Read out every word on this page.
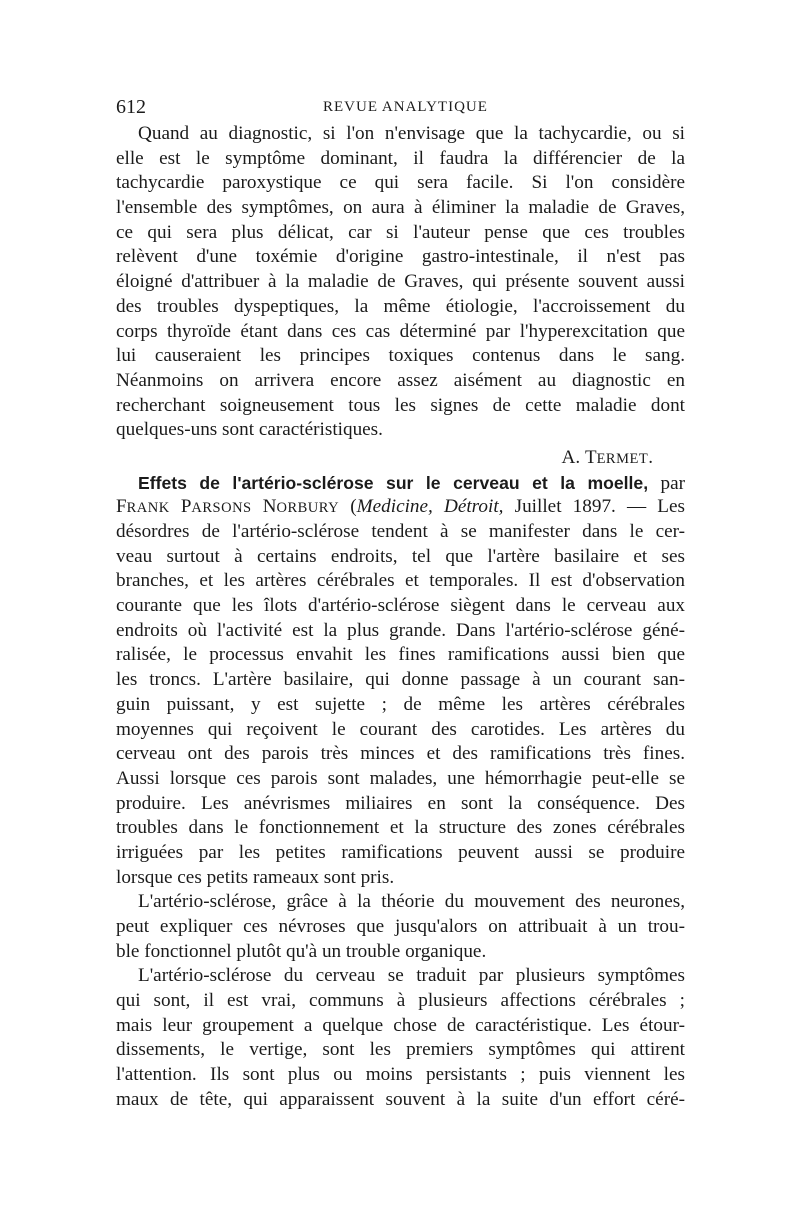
612	REVUE ANALYTIQUE
Quand au diagnostic, si l'on n'envisage que la tachycardie, ou si
elle est le symptôme dominant, il faudra la différencier de la
tachycardie paroxystique ce qui sera facile. Si l'on considère
l'ensemble des symptômes, on aura à éliminer la maladie de Graves,
ce qui sera plus délicat, car si l'auteur pense que ces troubles
relèvent d'une toxémie d'origine gastro-intestinale, il n'est pas
éloigné d'attribuer à la maladie de Graves, qui présente souvent aussi
des troubles dyspeptiques, la même étiologie, l'accroissement du
corps thyroïde étant dans ces cas déterminé par l'hyperexcitation que
lui causeraient les principes toxiques contenus dans le sang.
Néanmoins on arrivera encore assez aisément au diagnostic en
recherchant soigneusement tous les signes de cette maladie dont
quelques-uns sont caractéristiques.
A. TERMET.
Effets de l'artério-sclérose sur le cerveau et la moelle, par
FRANK PARSONS NORBURY (Medicine, Détroit, Juillet 1897. — Les
désordres de l'artério-sclérose tendent à se manifester dans le cer-
veau surtout à certains endroits, tel que l'artère basilaire et ses
branches, et les artères cérébrales et temporales. Il est d'observation
courante que les îlots d'artério-sclérose siègent dans le cerveau aux
endroits où l'activité est la plus grande. Dans l'artério-sclérose géné-
ralisée, le processus envahit les fines ramifications aussi bien que
les troncs. L'artère basilaire, qui donne passage à un courant san-
guin puissant, y est sujette ; de même les artères cérébrales
moyennes qui reçoivent le courant des carotides. Les artères du
cerveau ont des parois très minces et des ramifications très fines.
Aussi lorsque ces parois sont malades, une hémorrhagie peut-elle se
produire. Les anévrismes miliaires en sont la conséquence. Des
troubles dans le fonctionnement et la structure des zones cérébrales
irriguées par les petites ramifications peuvent aussi se produire
lorsque ces petits rameaux sont pris.
L'artério-sclérose, grâce à la théorie du mouvement des neurones,
peut expliquer ces névroses que jusqu'alors on attribuait à un trou-
ble fonctionnel plutôt qu'à un trouble organique.
L'artério-sclérose du cerveau se traduit par plusieurs symptômes
qui sont, il est vrai, communs à plusieurs affections cérébrales ;
mais leur groupement a quelque chose de caractéristique. Les étour-
dissements, le vertige, sont les premiers symptômes qui attirent
l'attention. Ils sont plus ou moins persistants ; puis viennent les
maux de tête, qui apparaissent souvent à la suite d'un effort céré-
